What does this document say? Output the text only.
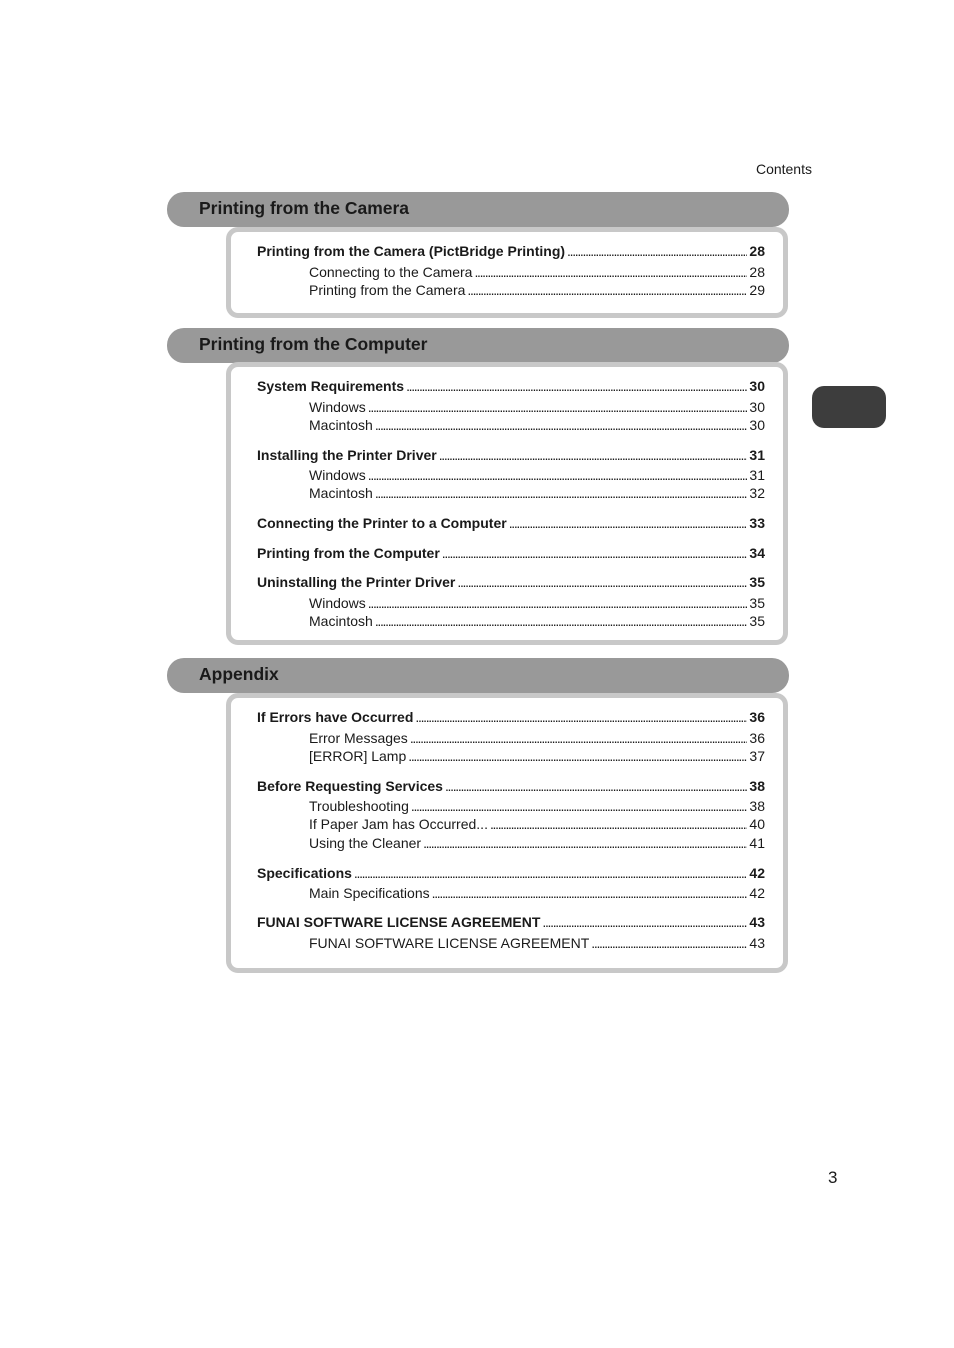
Contents
Printing from the Camera
Printing from the Camera (PictBridge Printing) . . .	28
Connecting to the Camera . . .	28
Printing from the Camera . . .	29
Printing from the Computer
System Requirements . . .	30
Windows . . .	30
Macintosh . . .	30
Installing the Printer Driver . . .	31
Windows . . .	31
Macintosh . . .	32
Connecting the Printer to a Computer . . .	33
Printing from the Computer . . .	34
Uninstalling the Printer Driver . . .	35
Windows . . .	35
Macintosh . . .	35
Appendix
If Errors have Occurred . . .	36
Error Messages . . .	36
[ERROR] Lamp . . .	37
Before Requesting Services . . .	38
Troubleshooting . . .	38
If Paper Jam has Occurred... . . .	40
Using the Cleaner . . .	41
Specifications . . .	42
Main Specifications . . .	42
FUNAI SOFTWARE LICENSE AGREEMENT . . .	43
FUNAI SOFTWARE LICENSE AGREEMENT . . .	43
3
